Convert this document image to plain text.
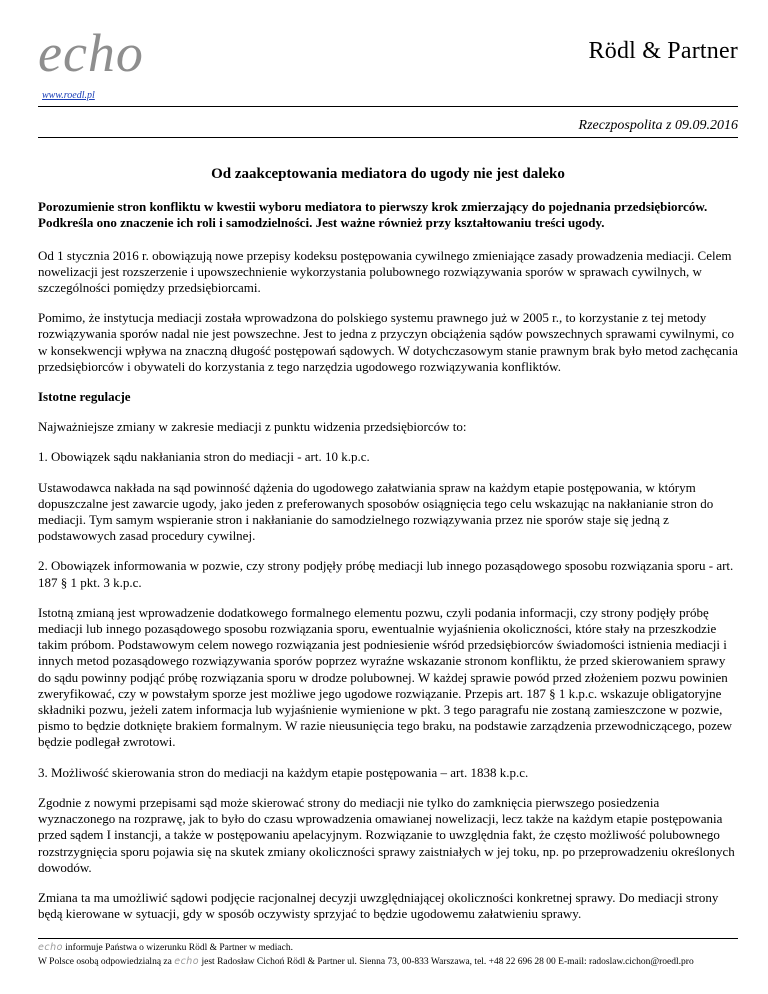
echo
www.roedl.pl
Rödl & Partner
Rzeczpospolita z 09.09.2016
Od zaakceptowania mediatora do ugody nie jest daleko

Porozumienie stron konfliktu w kwestii wyboru mediatora to pierwszy krok zmierzający do pojednania przedsiębiorców. Podkreśla ono znaczenie ich roli i samodzielności. Jest ważne również przy kształtowaniu treści ugody.

Od 1 stycznia 2016 r. obowiązują nowe przepisy kodeksu postępowania cywilnego zmieniające zasady prowadzenia mediacji. Celem nowelizacji jest rozszerzenie i upowszechnienie wykorzystania polubownego rozwiązywania sporów w sprawach cywilnych, w szczególności pomiędzy przedsiębiorcami.

Pomimo, że instytucja mediacji została wprowadzona do polskiego systemu prawnego już w 2005 r., to korzystanie z tej metody rozwiązywania sporów nadal nie jest powszechne. Jest to jedna z przyczyn obciążenia sądów powszechnych sprawami cywilnymi, co w konsekwencji wpływa na znaczną długość postępowań sądowych. W dotychczasowym stanie prawnym brak było metod zachęcania przedsiębiorców i obywateli do korzystania z tego narzędzia ugodowego rozwiązywania konfliktów.

Istotne regulacje

Najważniejsze zmiany w zakresie mediacji z punktu widzenia przedsiębiorców to:

1. Obowiązek sądu nakłaniania stron do mediacji - art. 10 k.p.c.

Ustawodawca nakłada na sąd powinność dążenia do ugodowego załatwiania spraw na każdym etapie postępowania, w którym dopuszczalne jest zawarcie ugody, jako jeden z preferowanych sposobów osiągnięcia tego celu wskazując na nakłanianie stron do mediacji. Tym samym wspieranie stron i nakłanianie do samodzielnego rozwiązywania przez nie sporów staje się jedną z podstawowych zasad procedury cywilnej.

2. Obowiązek informowania w pozwie, czy strony podjęły próbę mediacji lub innego pozasądowego sposobu rozwiązania sporu - art. 187 § 1 pkt. 3 k.p.c.

Istotną zmianą jest wprowadzenie dodatkowego formalnego elementu pozwu, czyli podania informacji, czy strony podjęły próbę mediacji lub innego pozasądowego sposobu rozwiązania sporu, ewentualnie wyjaśnienia okoliczności, które stały na przeszkodzie takim próbom. Podstawowym celem nowego rozwiązania jest podniesienie wśród przedsiębiorców świadomości istnienia mediacji i innych metod pozasądowego rozwiązywania sporów poprzez wyraźne wskazanie stronom konfliktu, że przed skierowaniem sprawy do sądu powinny podjąć próbę rozwiązania sporu w drodze polubownej. W każdej sprawie powód przed złożeniem pozwu powinien zweryfikować, czy w powstałym sporze jest możliwe jego ugodowe rozwiązanie. Przepis art. 187 § 1 k.p.c. wskazuje obligatoryjne składniki pozwu, jeżeli zatem informacja lub wyjaśnienie wymienione w pkt. 3 tego paragrafu nie zostaną zamieszczone w pozwie, pismo to będzie dotknięte brakiem formalnym. W razie nieusunięcia tego braku, na podstawie zarządzenia przewodniczącego, pozew będzie podlegał zwrotowi.

3. Możliwość skierowania stron do mediacji na każdym etapie postępowania – art. 1838 k.p.c.

Zgodnie z nowymi przepisami sąd może skierować strony do mediacji nie tylko do zamknięcia pierwszego posiedzenia wyznaczonego na rozprawę, jak to było do czasu wprowadzenia omawianej nowelizacji, lecz także na każdym etapie postępowania przed sądem I instancji, a także w postępowaniu apelacyjnym. Rozwiązanie to uwzględnia fakt, że często możliwość polubownego rozstrzygnięcia sporu pojawia się na skutek zmiany okoliczności sprawy zaistniałych w jej toku, np. po przeprowadzeniu określonych dowodów.

Zmiana ta ma umożliwić sądowi podjęcie racjonalnej decyzji uwzględniającej okoliczności konkretnej sprawy. Do mediacji strony będą kierowane w sytuacji, gdy w sposób oczywisty sprzyjać to będzie ugodowemu załatwieniu sprawy.

echo informuje Państwa o wizerunku Rödl & Partner w mediach.
W Polsce osobą odpowiedzialną za echo jest Radosław Cichoń Rödl & Partner ul. Sienna 73, 00-833 Warszawa, tel. +48 22 696 28 00 E-mail: radoslaw.cichon@roedl.pro
